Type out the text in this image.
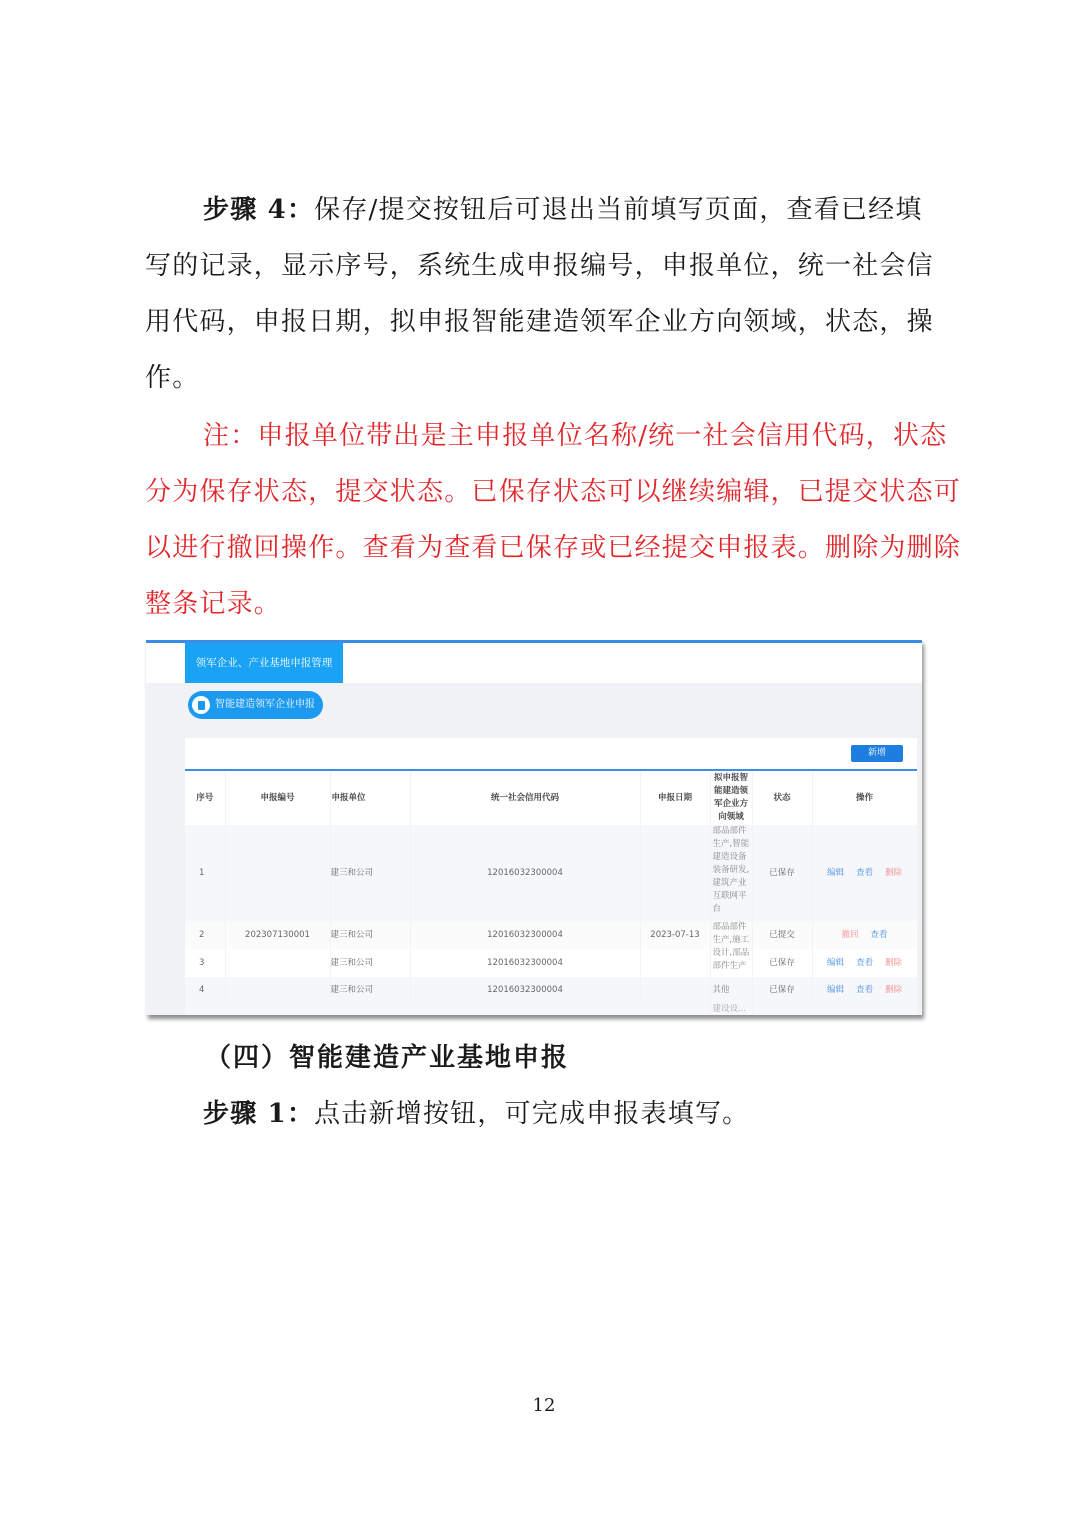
步骤 4：保存/提交按钮后可退出当前填写页面，查看已经填写的记录，显示序号，系统生成申报编号，申报单位，统一社会信用代码，申报日期，拟申报智能建造领军企业方向领域，状态，操作。
注：申报单位带出是主申报单位名称/统一社会信用代码，状态分为保存状态，提交状态。已保存状态可以继续编辑，已提交状态可以进行撤回操作。查看为查看已保存或已经提交申报表。删除为删除整条记录。
领军企业、产业基地申报管理
智能建造领军企业申报
新增
序号	申报编号	申报单位	统一社会信用代码	申报日期	拟申报智能建造领军企业方向领域	状态	操作
1		建三和公司	12016032300004		部品部件生产,智能建造设备装备研发,建筑产业互联网平台	已保存	编辑 查看 删除
2	202307130001	建三和公司	12016032300004	2023-07-13	部品部件生产,施工设计,部品部件生产	已提交	撤回 查看
3		建三和公司	12016032300004			已保存	编辑 查看 删除
4		建三和公司	12016032300004		其他	已保存	编辑 查看 删除

					建设设...		

（四）智能建造产业基地申报
步骤 1：点击新增按钮，可完成申报表填写。
12
